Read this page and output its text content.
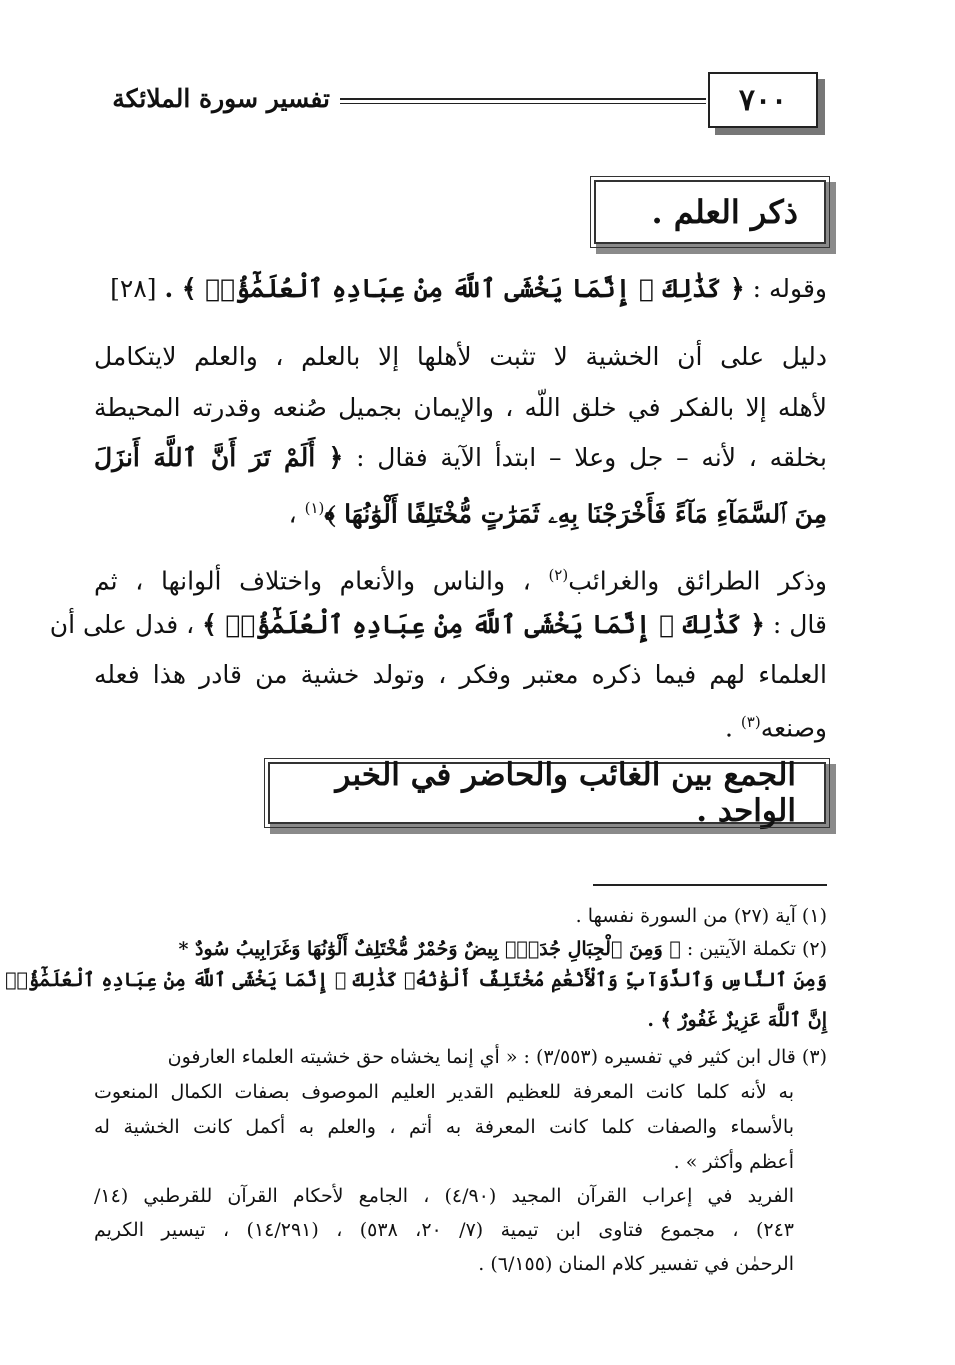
٧٠٠
تفسير سورة الملائكة
ذكر العلم .
وقوله : ﴿ كَذَٰلِكَ ۗ إِنَّمَا يَخْشَى ٱللَّهَ مِنْ عِبَادِهِ ٱلْعُلَمَٰٓؤُا۟ ﴾ . [٢٨]
دليل على أن الخشية لا تثبت لأهلها إلا بالعلم ، والعلم لايتكامل
لأهله إلا بالفكر في خلق اللّه ، والإيمان بجميل صُنعه وقدرته المحيطة
بخلقه ، لأنه – جل وعلا – ابتدأ الآية فقال : ﴿ أَلَمْ تَرَ أَنَّ ٱللَّهَ أَنزَلَ
مِنَ ٱلسَّمَآءِ مَآءً فَأَخْرَجْنَا بِهِۦ ثَمَرَٰتٍ مُّخْتَلِفًا أَلْوَٰنُهَا ﴾$^{(١)}$ ،
وذكر الطرائق والغرائب$^{(٢)}$ ، والناس والأنعام واختلاف ألوانها ، ثم
قال : ﴿ كَذَٰلِكَ ۗ إِنَّمَا يَخْشَى ٱللَّهَ مِنْ عِبَادِهِ ٱلْعُلَمَٰٓؤُا۟ ﴾ ، فدل على أن
العلماء لهم فيما ذكره معتبر وفكر ، وتولد خشية من قادر هذا فعله
وصنعه$^{(٣)}$ .
الجمع بين الغائب والحاضر في الخبر الواحد .
(١) آية (٢٧) من السورة نفسها .
(٢) تكملة الآيتين : ﴿ وَمِنَ ٱلْجِبَالِ جُدَدٌۢ بِيضٌ وَحُمْرٌ مُّخْتَلِفٌ أَلْوَٰنُهَا وَغَرَابِيبُ سُودٌ *
وَمِنَ ٱلنَّاسِ وَٱلدَّوَآبِّ وَٱلْأَنْعَٰمِ مُخْتَلِفٌ أَلْوَٰنُهُۥ كَذَٰلِكَ ۗ إِنَّمَا يَخْشَى ٱللَّهَ مِنْ عِبَادِهِ ٱلْعُلَمَٰٓؤُا۟
إِنَّ ٱللَّهَ عَزِيزٌ غَفُورٌ ﴾ .
(٣) قال ابن كثير في تفسيره (٣/٥٥٣) : « أي إنما يخشاه حق خشيته العلماء العارفون
به لأنه كلما كانت المعرفة للعظيم القدير العليم الموصوف بصفات الكمال المنعوت
بالأسماء والصفات كلما كانت المعرفة به أتم ، والعلم به أكمل كانت الخشية له
أعظم وأكثر » .
الفريد في إعراب القرآن المجيد (٤/٩٠) ، الجامع لأحكام القرآن للقرطبي (١٤/
٢٤٣) ، مجموع فتاوى ابن تيمية (٧/ ٢٠، ٥٣٨) ، (١٤/٢٩١) ، تيسير الكريم
الرحمٰن في تفسير كلام المنان (٦/١٥٥) .
